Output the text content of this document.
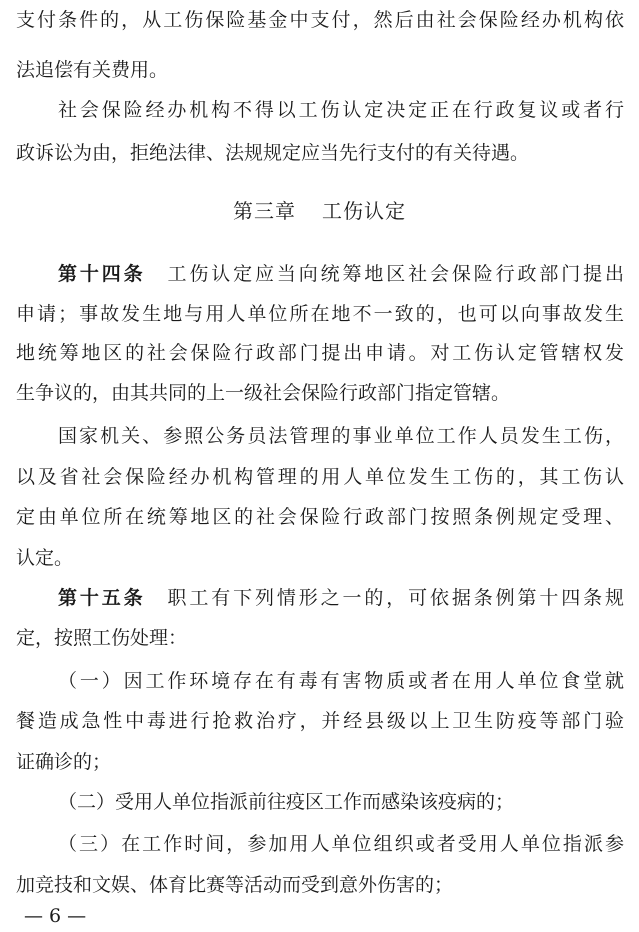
支付条件的，从工伤保险基金中支付，然后由社会保险经办机构依
法追偿有关费用。
社会保险经办机构不得以工伤认定决定正在行政复议或者行
政诉讼为由，拒绝法律、法规规定应当先行支付的有关待遇。
第三章 工伤认定
第十四条 工伤认定应当向统筹地区社会保险行政部门提出
申请；事故发生地与用人单位所在地不一致的，也可以向事故发生
地统筹地区的社会保险行政部门提出申请。对工伤认定管辖权发
生争议的，由其共同的上一级社会保险行政部门指定管辖。
国家机关、参照公务员法管理的事业单位工作人员发生工伤，
以及省社会保险经办机构管理的用人单位发生工伤的，其工伤认
定由单位所在统筹地区的社会保险行政部门按照条例规定受理、
认定。
第十五条 职工有下列情形之一的，可依据条例第十四条规
定，按照工伤处理：
（一）因工作环境存在有毒有害物质或者在用人单位食堂就
餐造成急性中毒进行抢救治疗，并经县级以上卫生防疫等部门验
证确诊的；
（二）受用人单位指派前往疫区工作而感染该疫病的；
（三）在工作时间，参加用人单位组织或者受用人单位指派参
加竞技和文娱、体育比赛等活动而受到意外伤害的；
— 6 —
